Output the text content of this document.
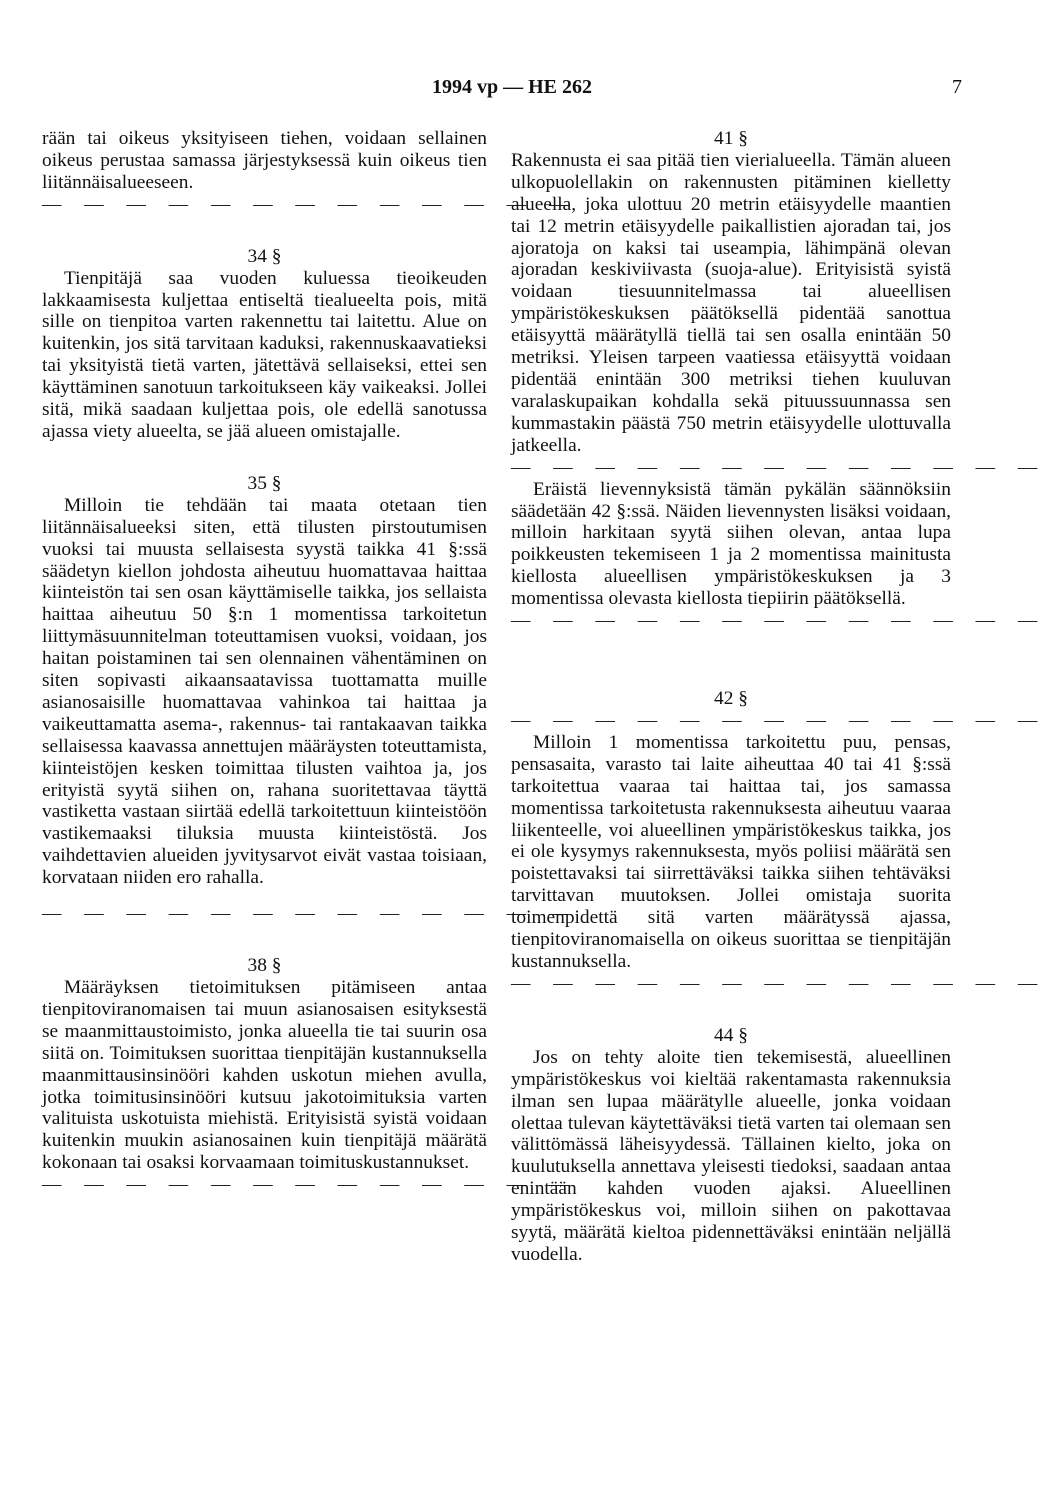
1994 vp — HE 262	7

rään tai oikeus yksityiseen tiehen, voidaan sellainen oikeus perustaa samassa järjestyksessä kuin oikeus tien liitännäisalueeseen.

— — — — — — — — — — — — —
34 §

Tienpitäjä saa vuoden kuluessa tieoikeuden lakkaamisesta kuljettaa entiseltä tiealueelta pois, mitä sille on tienpitoa varten rakennettu tai laitettu. Alue on kuitenkin, jos sitä tarvitaan kaduksi, rakennuskaavatieksi tai yksityistä tietä varten, jätettävä sellaiseksi, ettei sen käyttäminen sanotuun tarkoitukseen käy vaikeaksi. Jollei sitä, mikä saadaan kuljettaa pois, ole edellä sanotussa ajassa viety alueelta, se jää alueen omistajalle.

35 §

Milloin tie tehdään tai maata otetaan tien liitännäisalueeksi siten, että tilusten pirstoutumisen vuoksi tai muusta sellaisesta syystä taikka 41 §:ssä säädetyn kiellon johdosta aiheutuu huomattavaa haittaa kiinteistön tai sen osan käyttämiselle taikka, jos sellaista haittaa aiheutuu 50 §:n 1 momentissa tarkoitetun liittymäsuunnitelman toteuttamisen vuoksi, voidaan, jos haitan poistaminen tai sen olennainen vähentäminen on siten sopivasti aikaansaatavissa tuottamatta muille asianosaisille huomattavaa vahinkoa tai haittaa ja vaikeuttamatta asema-, rakennus- tai rantakaavan taikka sellaisessa kaavassa annettujen määräysten toteuttamista, kiinteistöjen kesken toimittaa tilusten vaihtoa ja, jos erityistä syytä siihen on, rahana suoritettavaa täyttä vastiketta vastaan siirtää edellä tarkoitettuun kiinteistöön vastikemaaksi tiluksia muusta kiinteistöstä. Jos vaihdettavien alueiden jyvitysarvot eivät vastaa toisiaan, korvataan niiden ero rahalla.

— — — — — — — — — — — — —
38 §

Määräyksen tietoimituksen pitämiseen antaa tienpitoviranomaisen tai muun asianosaisen esityksestä se maanmittaustoimisto, jonka alueella tie tai suurin osa siitä on. Toimituksen suorittaa tienpitäjän kustannuksella maanmittausinsinööri kahden uskotun miehen avulla, jotka toimitusinsinööri kutsuu jakotoimituksia varten valituista uskotuista miehistä. Erityisistä syistä voidaan kuitenkin muukin asianosainen kuin tienpitäjä määrätä kokonaan tai osaksi korvaamaan toimituskustannukset.

— — — — — — — — — — — — —
41 §

Rakennusta ei saa pitää tien vierialueella. Tämän alueen ulkopuolellakin on rakennusten pitäminen kielletty alueella, joka ulottuu 20 metrin etäisyydelle maantien tai 12 metrin etäisyydelle paikallistien ajoradan tai, jos ajoratoja on kaksi tai useampia, lähimpänä olevan ajoradan keskiviivasta (suoja-alue). Erityisistä syistä voidaan tiesuunnitelmassa tai alueellisen ympäristökeskuksen päätöksellä pidentää sanottua etäisyyttä määrätyllä tiellä tai sen osalla enintään 50 metriksi. Yleisen tarpeen vaatiessa etäisyyttä voidaan pidentää enintään 300 metriksi tiehen kuuluvan varalaskupaikan kohdalla sekä pituussuunnassa sen kummastakin päästä 750 metrin etäisyydelle ulottuvalla jatkeella.

— — — — — — — — — — — — —

Eräistä lievennyksistä tämän pykälän säännöksiin säädetään 42 §:ssä. Näiden lievennysten lisäksi voidaan, milloin harkitaan syytä siihen olevan, antaa lupa poikkeusten tekemiseen 1 ja 2 momentissa mainitusta kiellosta alueellisen ympäristökeskuksen ja 3 momentissa olevasta kiellosta tiepiirin päätöksellä.

— — — — — — — — — — — — —
42 §
— — — — — — — — — — — — —

Milloin 1 momentissa tarkoitettu puu, pensas, pensasaita, varasto tai laite aiheuttaa 40 tai 41 §:ssä tarkoitettua vaaraa tai haittaa tai, jos samassa momentissa tarkoitetusta rakennuksesta aiheutuu vaaraa liikenteelle, voi alueellinen ympäristökeskus taikka, jos ei ole kysymys rakennuksesta, myös poliisi määrätä sen poistettavaksi tai siirrettäväksi taikka siihen tehtäväksi tarvittavan muutoksen. Jollei omistaja suorita toimenpidettä sitä varten määrätyssä ajassa, tienpitoviranomaisella on oikeus suorittaa se tienpitäjän kustannuksella.

— — — — — — — — — — — — —
44 §

Jos on tehty aloite tien tekemisestä, alueellinen ympäristökeskus voi kieltää rakentamasta rakennuksia ilman sen lupaa määrätylle alueelle, jonka voidaan olettaa tulevan käytettäväksi tietä varten tai olemaan sen välittömässä läheisyydessä. Tällainen kielto, joka on kuulutuksella annettava yleisesti tiedoksi, saadaan antaa enintään kahden vuoden ajaksi. Alueellinen ympäristökeskus voi, milloin siihen on pakottavaa syytä, määrätä kieltoa pidennettäväksi enintään neljällä vuodella.
